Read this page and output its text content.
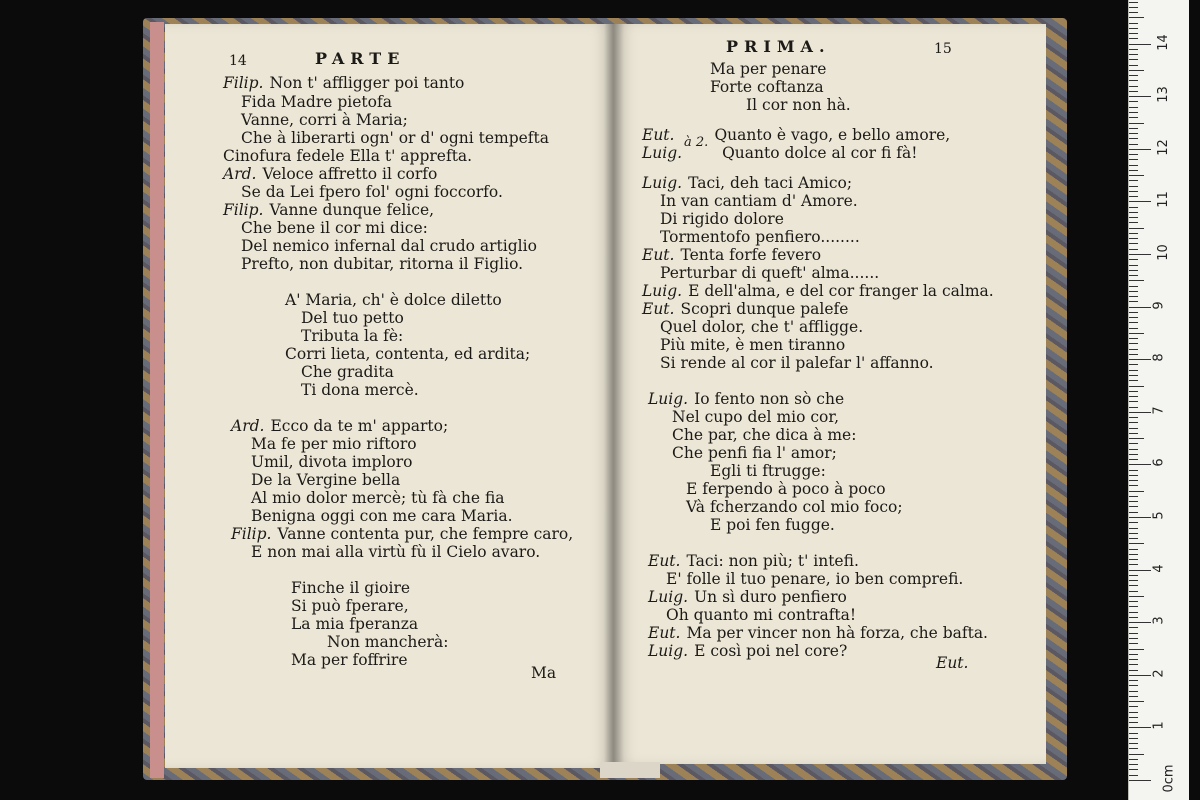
14	PARTE
Ma
Filip. Non t' affligger poi tanto
Fida Madre pietofa
Vanne, corri à Maria;
Che à liberarti ogn' or d' ogni tempefta
Cinofura fedele Ella t' apprefta.
Ard. Veloce affretto il corfo
Se da Lei fpero fol' ogni foccorfo.
Filip. Vanne dunque felice,
Che bene il cor mi dice:
Del nemico infernal dal crudo artiglio
Prefto, non dubitar, ritorna il Figlio.
A' Maria, ch' è dolce diletto
Del tuo petto
Tributa la fè:
Corri lieta, contenta, ed ardita;
Che gradita
Ti dona mercè.
Ard. Ecco da te m' apparto;
Ma fe per mio riftoro
Umil, divota imploro
De la Vergine bella
Al mio dolor mercè; tù fà che fia
Benigna oggi con me cara Maria.
Filip. Vanne contenta pur, che fempre caro,
E non mai alla virtù fù il Cielo avaro.
Finche il gioire
Si può fperare,
La mia fperanza
Non mancherà:
Ma per foffrire
PRIMA.	15
à 2.
Eut.
Ma per penare
Forte coftanza
Il cor non hà.
Eut.	Quanto è vago, e bello amore,
Luig.	Quanto dolce al cor fi fà!
Luig. Taci, deh taci Amico;
In van cantiam d' Amore.
Di rigido dolore
Tormentofo penfiero........
Eut. Tenta forfe fevero
Perturbar di queft' alma......
Luig. E dell'alma, e del cor franger la calma.
Eut. Scopri dunque palefe
Quel dolor, che t' affligge.
Più mite, è men tiranno
Si rende al cor il palefar l' affanno.
Luig. Io fento non sò che
Nel cupo del mio cor,
Che par, che dica à me:
Che penfi fia l' amor;
Egli ti ftrugge:
E ferpendo à poco à poco
Và fcherzando col mio foco;
E poi fen fugge.
Eut. Taci: non più; t' intefi.
E' folle il tuo penare, io ben comprefi.
Luig. Un sì duro penfiero
Oh quanto mi contrafta!
Eut. Ma per vincer non hà forza, che bafta.
Luig. E così poi nel core?
0cm
1
2
3
4
5
6
7
8
9
10
11
12
13
14
